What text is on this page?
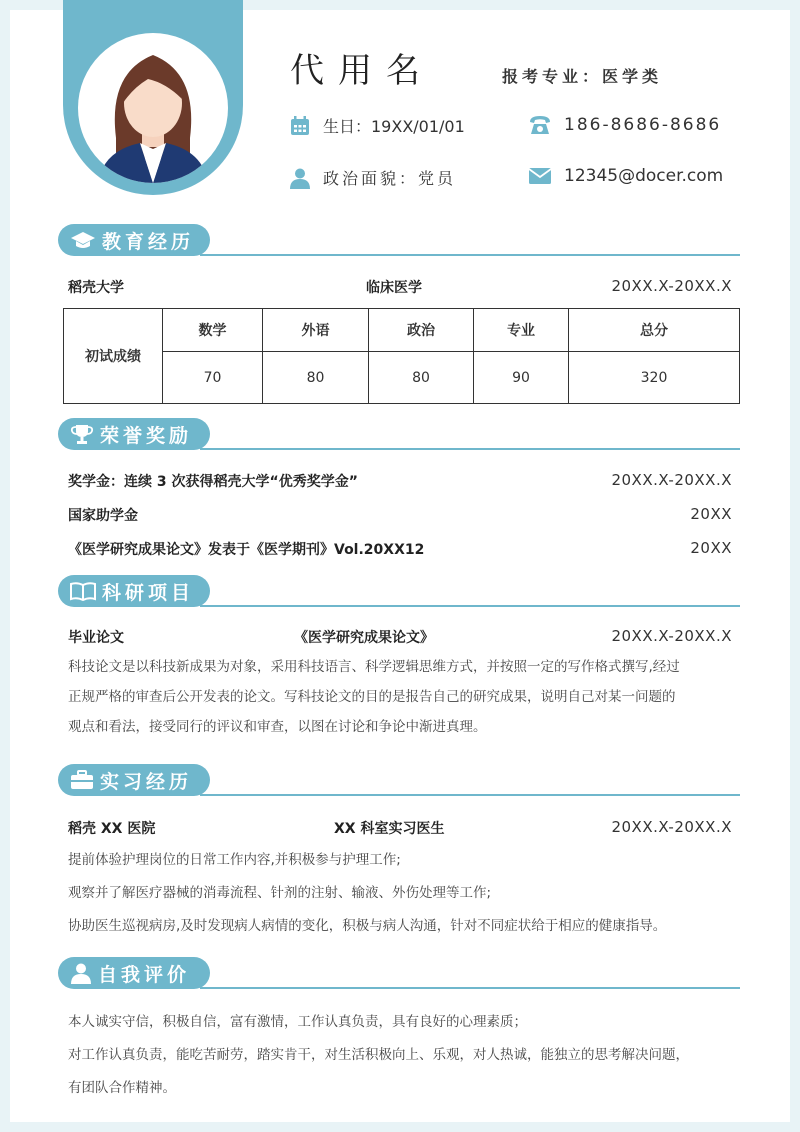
代用名	报考专业：医学类
生日：19XX/01/01
政治面貌：党员
186-8686-8686
12345@docer.com
教育经历
稻壳大学	临床医学	20XX.X-20XX.X
初试成绩	数学	外语	政治	专业	总分
	70	80	80	90	320
荣誉奖励
奖学金：连续 3 次获得稻壳大学“优秀奖学金”	20XX.X-20XX.X
国家助学金	20XX
《医学研究成果论文》发表于《医学期刊》Vol.20XX12	20XX
科研项目
毕业论文	《医学研究成果论文》	20XX.X-20XX.X
科技论文是以科技新成果为对象，采用科技语言、科学逻辑思维方式，并按照一定的写作格式撰写,经过
正规严格的审查后公开发表的论文。写科技论文的目的是报告自己的研究成果，说明自己对某一问题的
观点和看法，接受同行的评议和审查，以图在讨论和争论中渐进真理。
实习经历
稻壳 XX 医院	XX 科室实习医生	20XX.X-20XX.X
提前体验护理岗位的日常工作内容,并积极参与护理工作;
观察并了解医疗器械的消毒流程、针剂的注射、输液、外伤处理等工作;
协助医生巡视病房,及时发现病人病情的变化，积极与病人沟通，针对不同症状给于相应的健康指导。
自我评价
本人诚实守信，积极自信，富有激情，工作认真负责，具有良好的心理素质；
对工作认真负责，能吃苦耐劳，踏实肯干，对生活积极向上、乐观，对人热诚，能独立的思考解决问题，
有团队合作精神。
